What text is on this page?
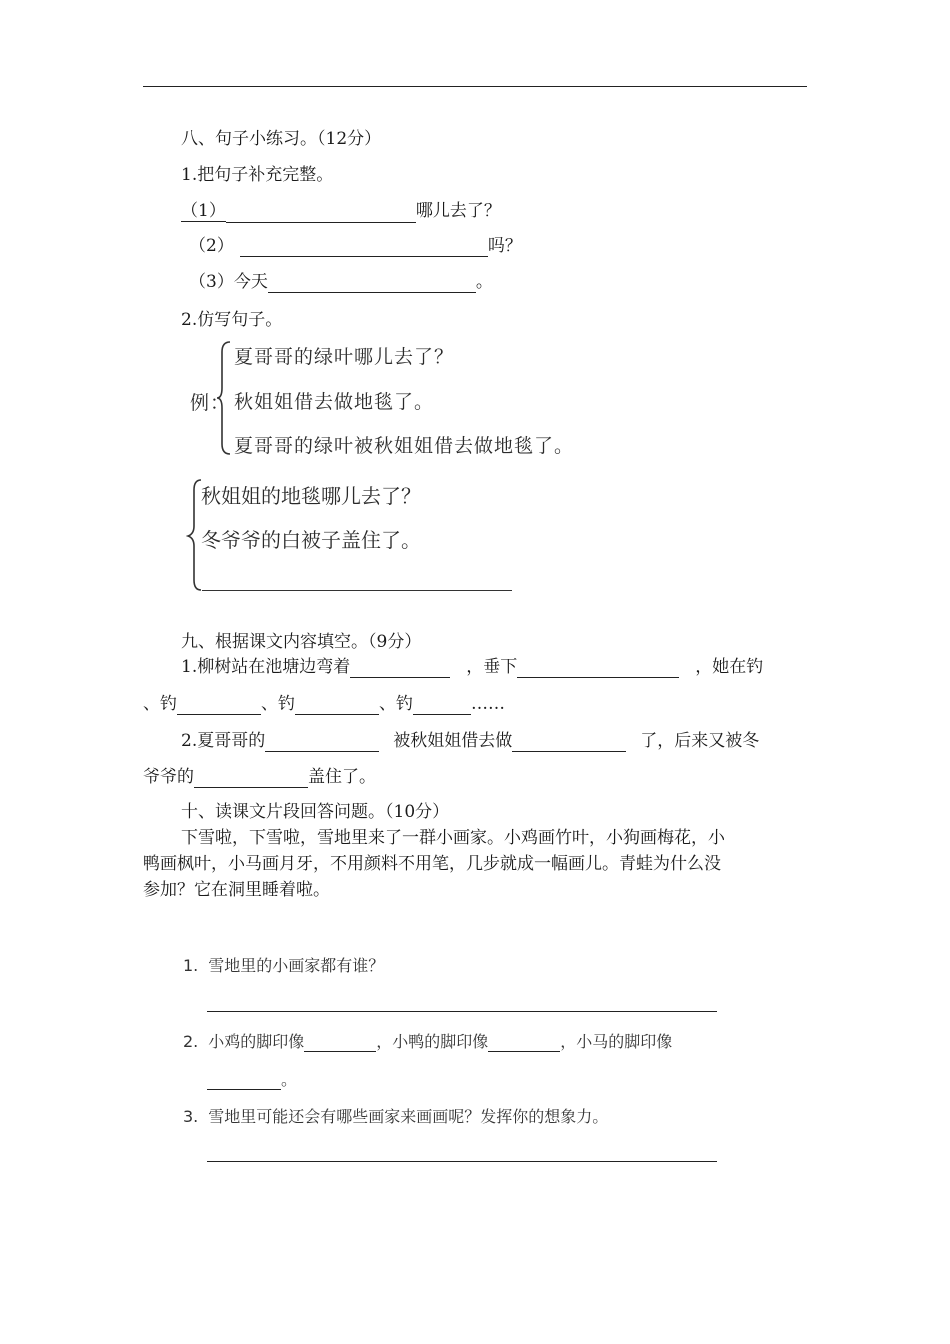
八、句子小练习。（12分）
1.把句子补充完整。
（1）	哪儿去了？
（2）	吗？
（3）今天	。
2.仿写句子。
例：
夏哥哥的绿叶哪儿去了？
秋姐姐借去做地毯了。
夏哥哥的绿叶被秋姐姐借去做地毯了。
秋姐姐的地毯哪儿去了？
冬爷爷的白被子盖住了。
九、根据课文内容填空。（9分）
1.柳树站在池塘边弯着	，垂下	，她在钓
、钓	、钓	、钓	……
2.夏哥哥的	被秋姐姐借去做	了，后来又被冬
爷爷的	盖住了。
十、读课文片段回答问题。（10分）
下雪啦，下雪啦，雪地里来了一群小画家。小鸡画竹叶，小狗画梅花，小
鸭画枫叶，小马画月牙，不用颜料不用笔，几步就成一幅画儿。青蛙为什么没
参加？它在洞里睡着啦。
1. 雪地里的小画家都有谁？
2. 小鸡的脚印像	，小鸭的脚印像	，小马的脚印像
。
3. 雪地里可能还会有哪些画家来画画呢？发挥你的想象力。
